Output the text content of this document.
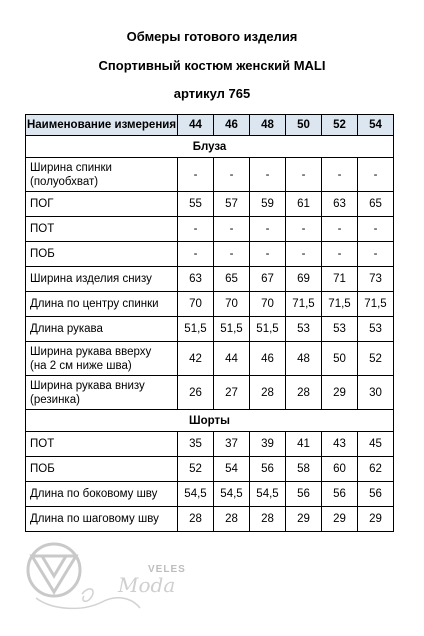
Обмеры готового изделия
Спортивный костюм женский MALI
артикул 765
Наименование измерения	44	46	48	50	52	54
Блуза						

Ширина спинки
(полуобхват)	-	-	-	-	-	-

ПОГ	55	57	59	61	63	65

ПОТ	-	-	-	-	-	-

ПОБ	-	-	-	-	-	-

Ширина изделия снизу	63	65	67	69	71	73

Длина по центру спинки	70	70	70	71,5	71,5	71,5

Длина рукава	51,5	51,5	51,5	53	53	53

Ширина рукава вверху
(на 2 см ниже шва)	42	44	46	48	50	52

Ширина рукава внизу
(резинка)	26	27	28	28	29	30
Шорты						

ПОТ	35	37	39	41	43	45

ПОБ	52	54	56	58	60	62

Длина по боковому шву	54,5	54,5	54,5	56	56	56

Длина по шаговому шву	28	28	28	29	29	29
VELES
Moda
